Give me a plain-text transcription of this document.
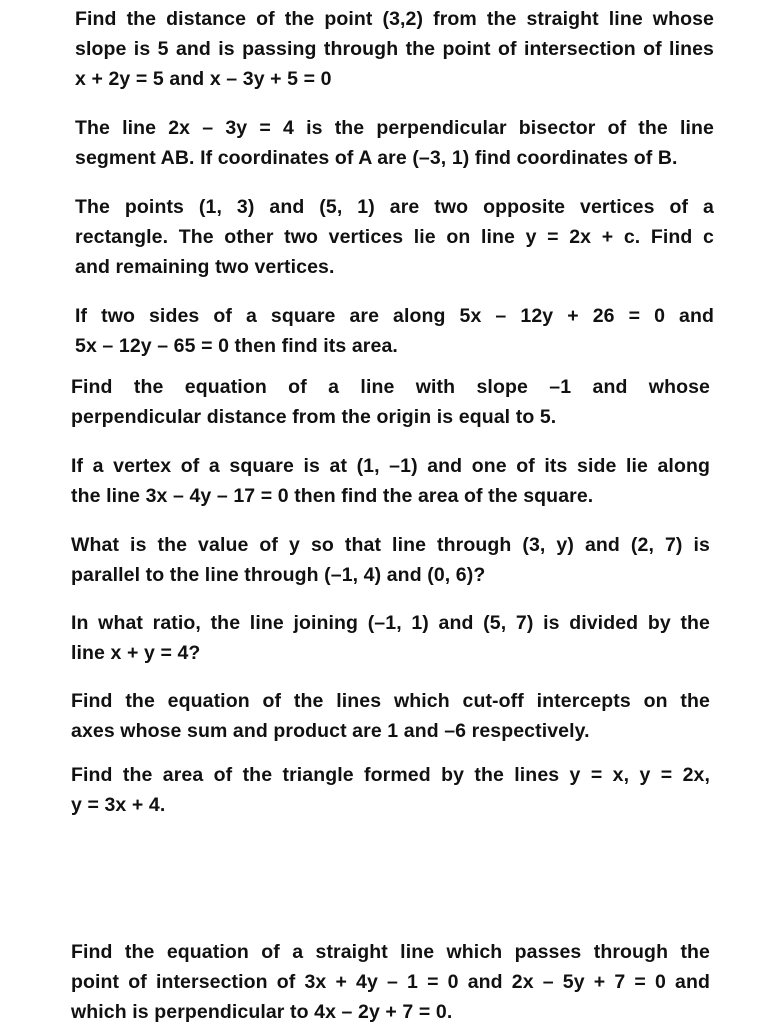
Find the distance of the point (3,2) from the straight line whose
slope is 5 and is passing through the point of intersection of lines
x + 2y = 5 and x – 3y + 5 = 0
The line 2x – 3y = 4 is the perpendicular bisector of the line
segment AB. If coordinates of A are (–3, 1) find coordinates of B.
The points (1, 3) and (5, 1) are two opposite vertices of a
rectangle. The other two vertices lie on line y = 2x + c. Find c
and remaining two vertices.
If two sides of a square are along 5x – 12y + 26 = 0 and
5x – 12y – 65 = 0 then find its area.
Find the equation of a line with slope –1 and whose
perpendicular distance from the origin is equal to 5.
If a vertex of a square is at (1, –1) and one of its side lie along
the line 3x – 4y – 17 = 0 then find the area of the square.
What is the value of y so that line through (3, y) and (2, 7) is
parallel to the line through (–1, 4) and (0, 6)?
In what ratio, the line joining (–1, 1) and (5, 7) is divided by the
line x + y = 4?
Find the equation of the lines which cut-off intercepts on the
axes whose sum and product are 1 and –6 respectively.
Find the area of the triangle formed by the lines y = x, y = 2x,
y = 3x + 4.
Find the equation of a straight line which passes through the
point of intersection of 3x + 4y – 1 = 0 and 2x – 5y + 7 = 0 and
which is perpendicular to 4x – 2y + 7 = 0.
